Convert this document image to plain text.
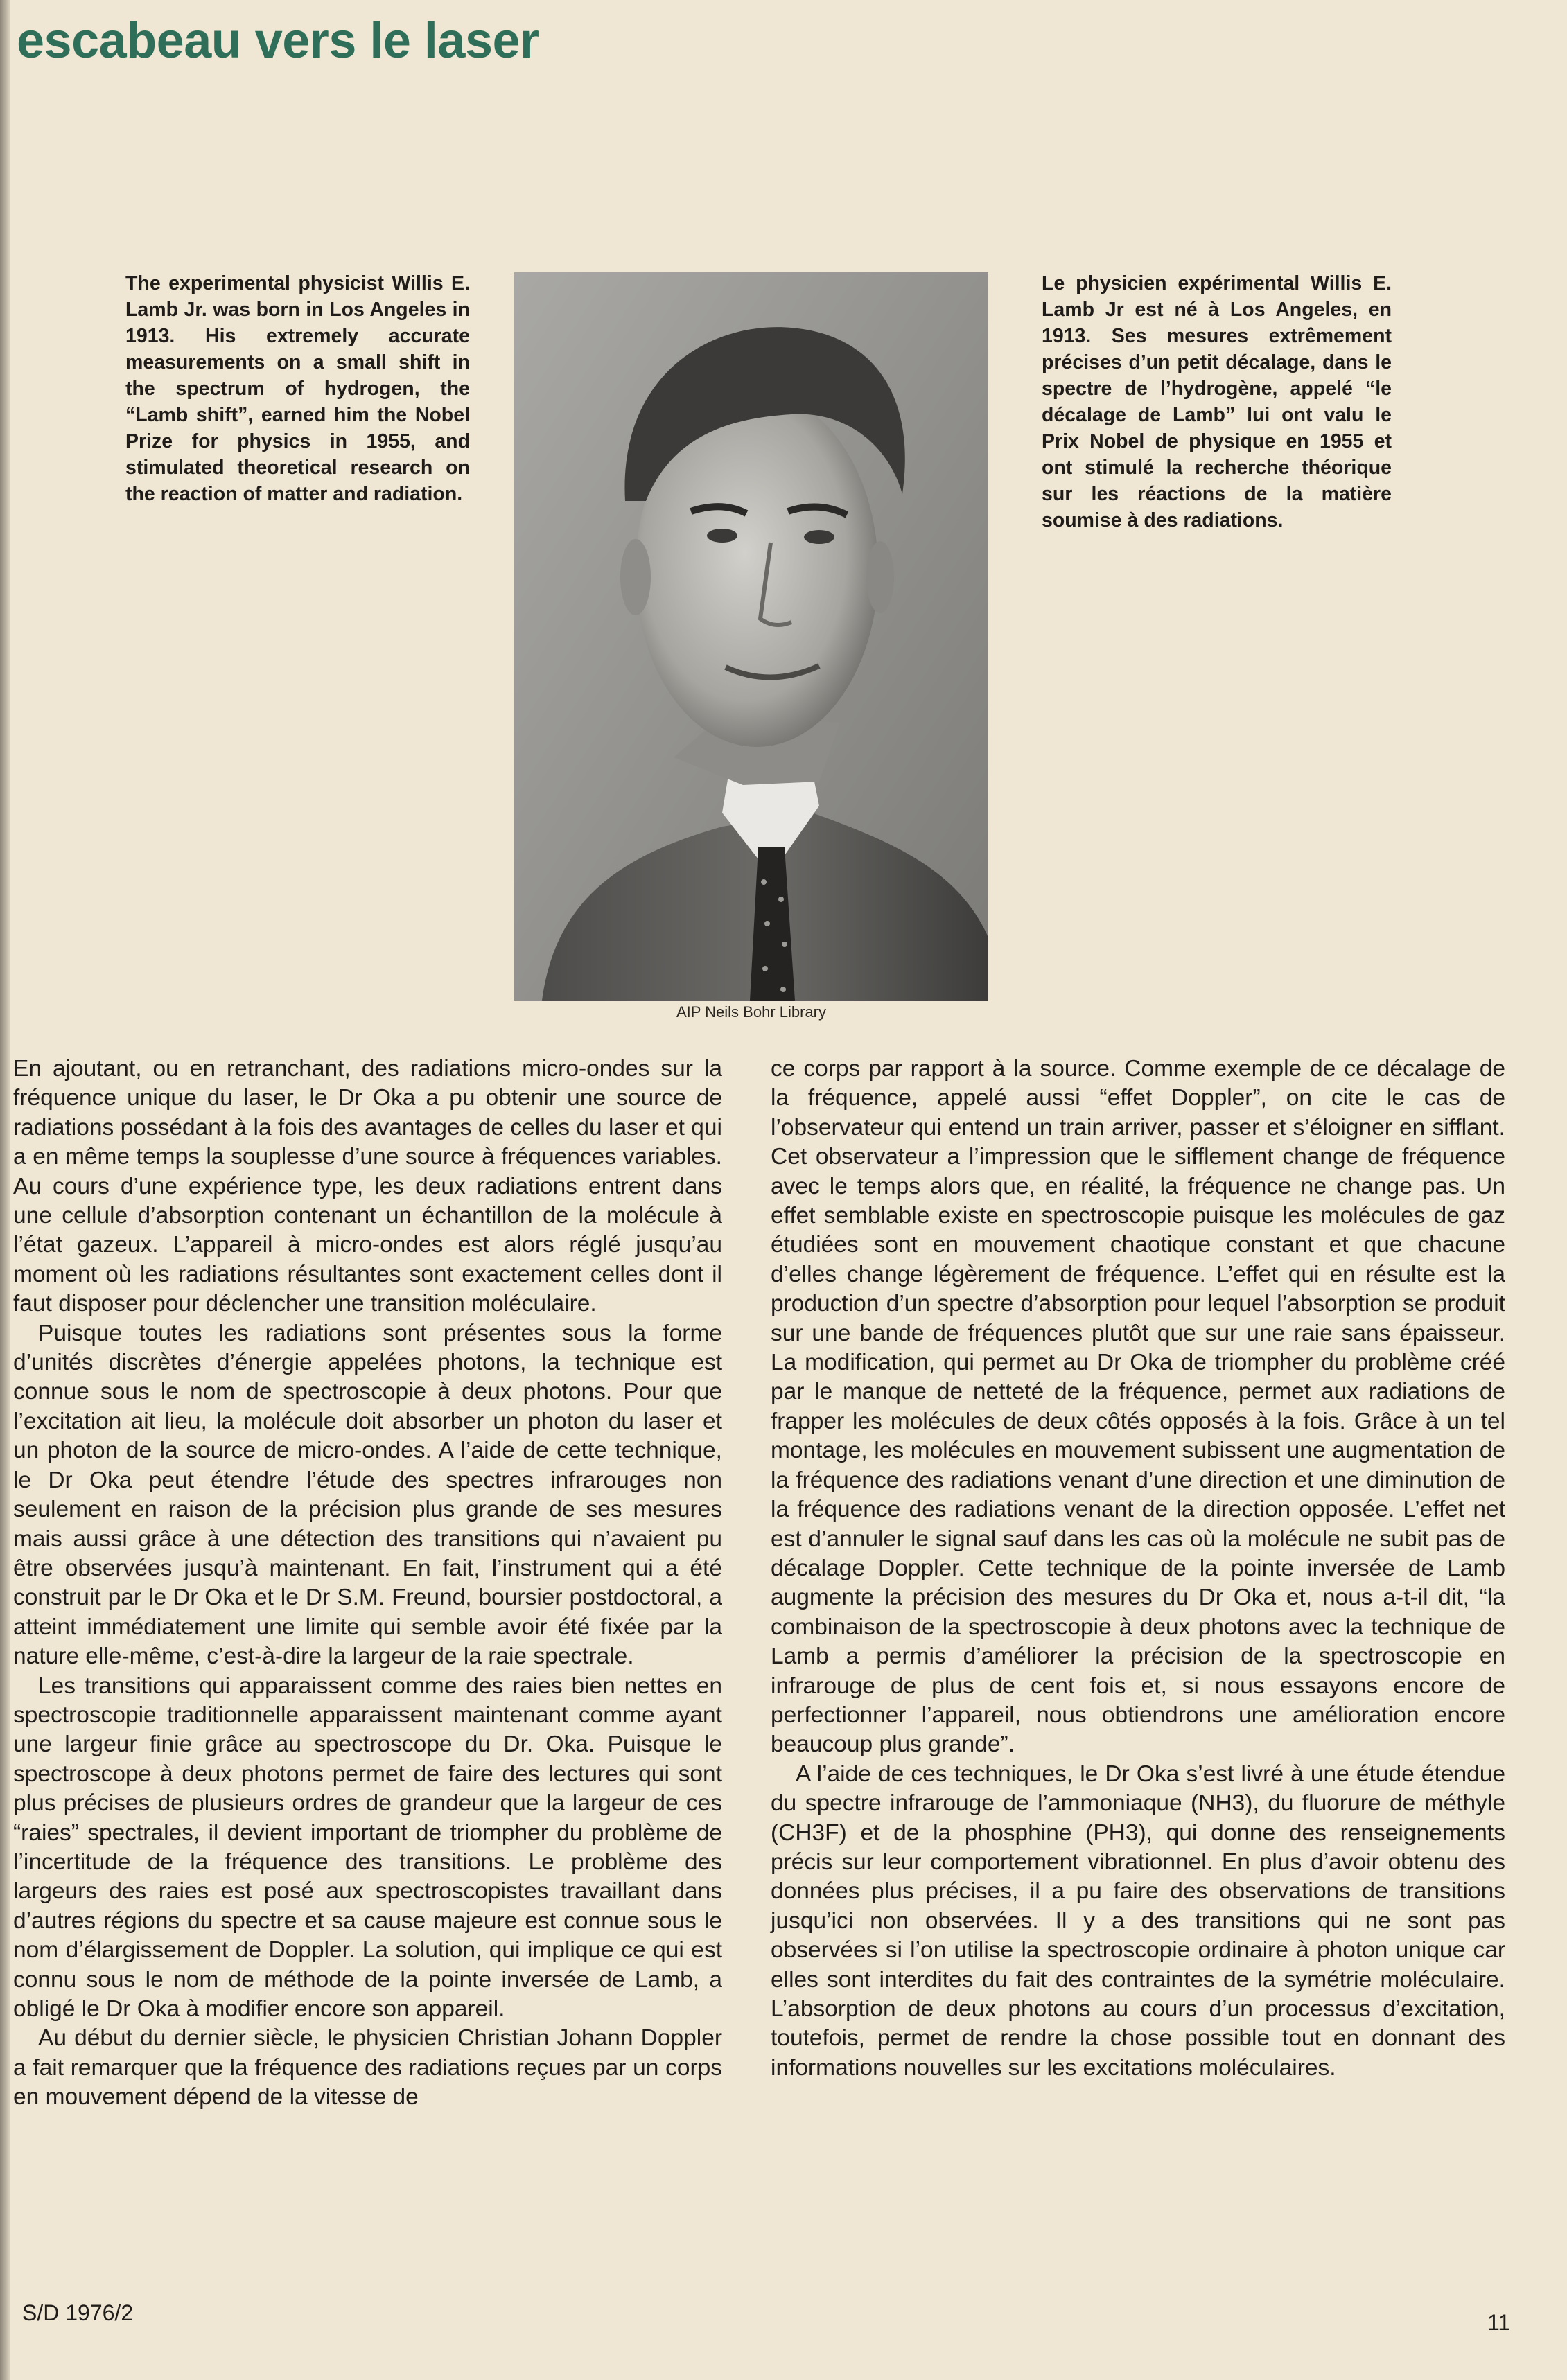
escabeau vers le laser

The experimental physicist Willis E. Lamb Jr. was born in Los Angeles in 1913. His extremely accurate measurements on a small shift in the spectrum of hydrogen, the “Lamb shift”, earned him the Nobel Prize for physics in 1955, and stimulated theoretical research on the reaction of matter and radiation.

Le physicien expérimental Willis E. Lamb Jr est né à Los Angeles, en 1913. Ses mesures extrêmement précises d’un petit décalage, dans le spectre de l’hydrogène, appelé “le décalage de Lamb” lui ont valu le Prix Nobel de physique en 1955 et ont stimulé la recherche théorique sur les réactions de la matière soumise à des radiations.

AIP Neils Bohr Library

En ajoutant, ou en retranchant, des radiations micro-ondes sur la fréquence unique du laser, le Dr Oka a pu obtenir une source de radiations possédant à la fois des avantages de celles du laser et qui a en même temps la souplesse d’une source à fréquences variables. Au cours d’une expérience type, les deux radiations entrent dans une cellule d’absorption contenant un échantillon de la molécule à l’état gazeux. L’appareil à micro-ondes est alors réglé jusqu’au moment où les radiations résultantes sont exactement celles dont il faut disposer pour déclencher une transition moléculaire.

Puisque toutes les radiations sont présentes sous la forme d’unités discrètes d’énergie appelées photons, la technique est connue sous le nom de spectroscopie à deux photons. Pour que l’excitation ait lieu, la molécule doit absorber un photon du laser et un photon de la source de micro-ondes. A l’aide de cette technique, le Dr Oka peut étendre l’étude des spectres infrarouges non seulement en raison de la précision plus grande de ses mesures mais aussi grâce à une détection des transitions qui n’avaient pu être observées jusqu’à maintenant. En fait, l’instrument qui a été construit par le Dr Oka et le Dr S.M. Freund, boursier postdoctoral, a atteint immédiatement une limite qui semble avoir été fixée par la nature elle-même, c’est-à-dire la largeur de la raie spectrale.

Les transitions qui apparaissent comme des raies bien nettes en spectroscopie traditionnelle apparaissent maintenant comme ayant une largeur finie grâce au spectroscope du Dr. Oka. Puisque le spectroscope à deux photons permet de faire des lectures qui sont plus précises de plusieurs ordres de grandeur que la largeur de ces “raies” spectrales, il devient important de triompher du problème de l’incertitude de la fréquence des transitions. Le problème des largeurs des raies est posé aux spectroscopistes travaillant dans d’autres régions du spectre et sa cause majeure est connue sous le nom d’élargissement de Doppler. La solution, qui implique ce qui est connu sous le nom de méthode de la pointe inversée de Lamb, a obligé le Dr Oka à modifier encore son appareil.

Au début du dernier siècle, le physicien Christian Johann Doppler a fait remarquer que la fréquence des radiations reçues par un corps en mouvement dépend de la vitesse de

ce corps par rapport à la source. Comme exemple de ce décalage de la fréquence, appelé aussi “effet Doppler”, on cite le cas de l’observateur qui entend un train arriver, passer et s’éloigner en sifflant. Cet observateur a l’impression que le sifflement change de fréquence avec le temps alors que, en réalité, la fréquence ne change pas. Un effet semblable existe en spectroscopie puisque les molécules de gaz étudiées sont en mouvement chaotique constant et que chacune d’elles change légèrement de fréquence. L’effet qui en résulte est la production d’un spectre d’absorption pour lequel l’absorption se produit sur une bande de fréquences plutôt que sur une raie sans épaisseur. La modification, qui permet au Dr Oka de triompher du problème créé par le manque de netteté de la fréquence, permet aux radiations de frapper les molécules de deux côtés opposés à la fois. Grâce à un tel montage, les molécules en mouvement subissent une augmentation de la fréquence des radiations venant d’une direction et une diminution de la fréquence des radiations venant de la direction opposée. L’effet net est d’annuler le signal sauf dans les cas où la molécule ne subit pas de décalage Doppler. Cette technique de la pointe inversée de Lamb augmente la précision des mesures du Dr Oka et, nous a-t-il dit, “la combinaison de la spectroscopie à deux photons avec la technique de Lamb a permis d’améliorer la précision de la spectroscopie en infrarouge de plus de cent fois et, si nous essayons encore de perfectionner l’appareil, nous obtiendrons une amélioration encore beaucoup plus grande”.

A l’aide de ces techniques, le Dr Oka s’est livré à une étude étendue du spectre infrarouge de l’ammoniaque (NH3), du fluorure de méthyle (CH3F) et de la phosphine (PH3), qui donne des renseignements précis sur leur comportement vibrationnel. En plus d’avoir obtenu des données plus précises, il a pu faire des observations de transitions jusqu’ici non observées. Il y a des transitions qui ne sont pas observées si l’on utilise la spectroscopie ordinaire à photon unique car elles sont interdites du fait des contraintes de la symétrie moléculaire. L’absorption de deux photons au cours d’un processus d’excitation, toutefois, permet de rendre la chose possible tout en donnant des informations nouvelles sur les excitations moléculaires.

S/D 1976/2	11
